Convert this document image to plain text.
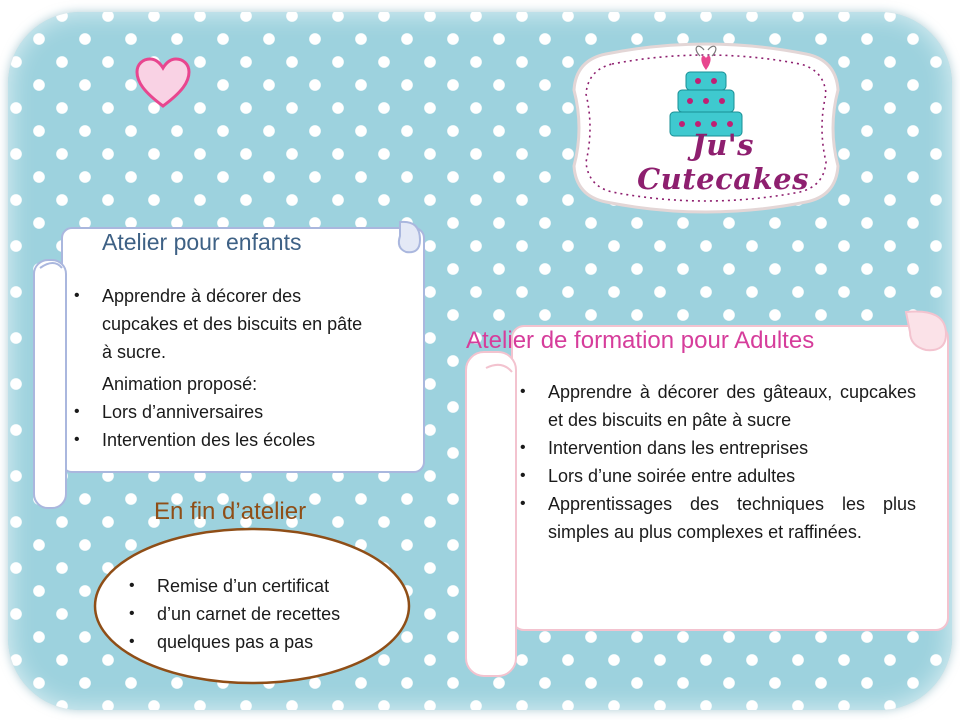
Ju's Cutecakes
Atelier pour enfants
• Apprendre à décorer des cupcakes et des biscuits en pâte à sucre.
Animation proposé:
• Lors d’anniversaires
• Intervention des les écoles
Atelier de formation pour Adultes
• Apprendre à décorer des gâteaux, cupcakes et des biscuits en pâte à sucre
• Intervention dans les entreprises
• Lors d’une soirée entre adultes
• Apprentissages des techniques les plus simples au plus complexes et raffinées.
En fin d’atelier
• Remise d’un certificat
• d’un carnet de recettes
• quelques pas a pas
